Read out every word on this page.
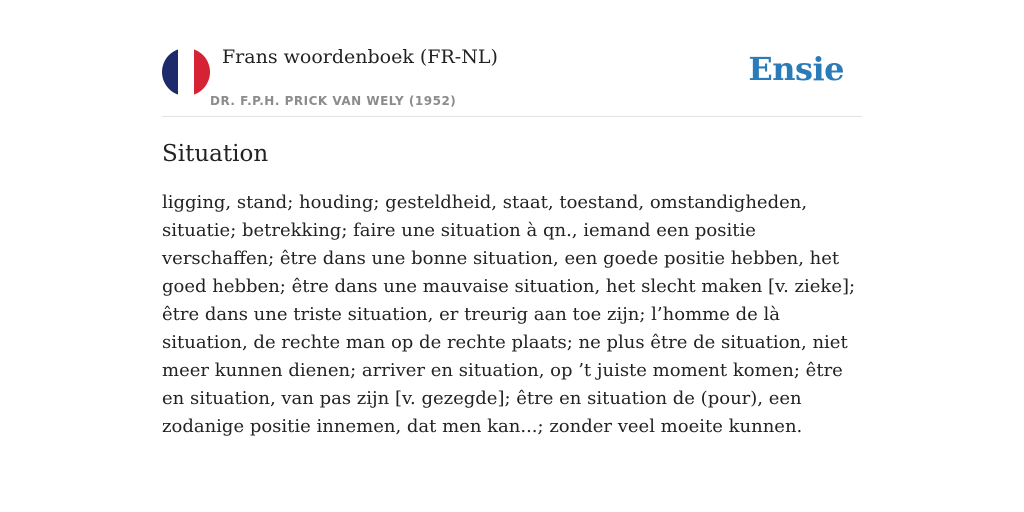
Frans woordenboek (FR-NL)
DR. F.P.H. PRICK VAN WELY (1952)
Ensie
Situation

ligging, stand; houding; gesteldheid, staat, toestand, omstandigheden, situatie; betrekking; faire une situation à qn., iemand een positie verschaffen; être dans une bonne situation, een goede positie hebben, het goed hebben; être dans une mauvaise situation, het slecht maken [v. zieke]; être dans une triste situation, er treurig aan toe zijn; l’homme de là situation, de rechte man op de rechte plaats; ne plus être de situation, niet meer kunnen dienen; arriver en situation, op ’t juiste moment komen; être en situation, van pas zijn [v. gezegde]; être en situation de (pour), een zodanige positie innemen, dat men kan...; zonder veel moeite kunnen.
